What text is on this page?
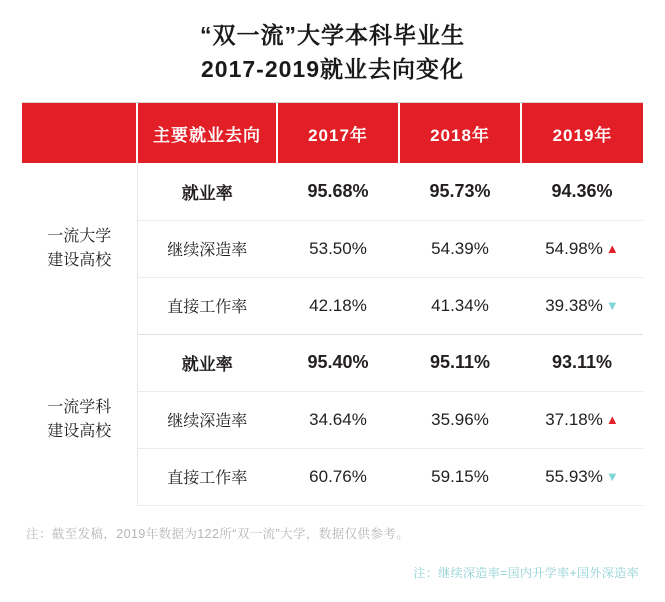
“双一流”大学本科毕业生
2017-2019就业去向变化
	主要就业去向	2017年	2018年	2019年

一流大学
建设高校	就业率	95.68%	95.73%	94.36%
	继续深造率	53.50%	54.39%	54.98% ▲
	直接工作率	42.18%	41.34%	39.38% ▼

一流学科
建设高校	就业率	95.40%	95.11%	93.11%
	继续深造率	34.64%	35.96%	37.18% ▲
	直接工作率	60.76%	59.15%	55.93% ▼
注：截至发稿，2019年数据为122所“双一流”大学，数据仅供参考。
注：继续深造率=国内升学率+国外深造率
